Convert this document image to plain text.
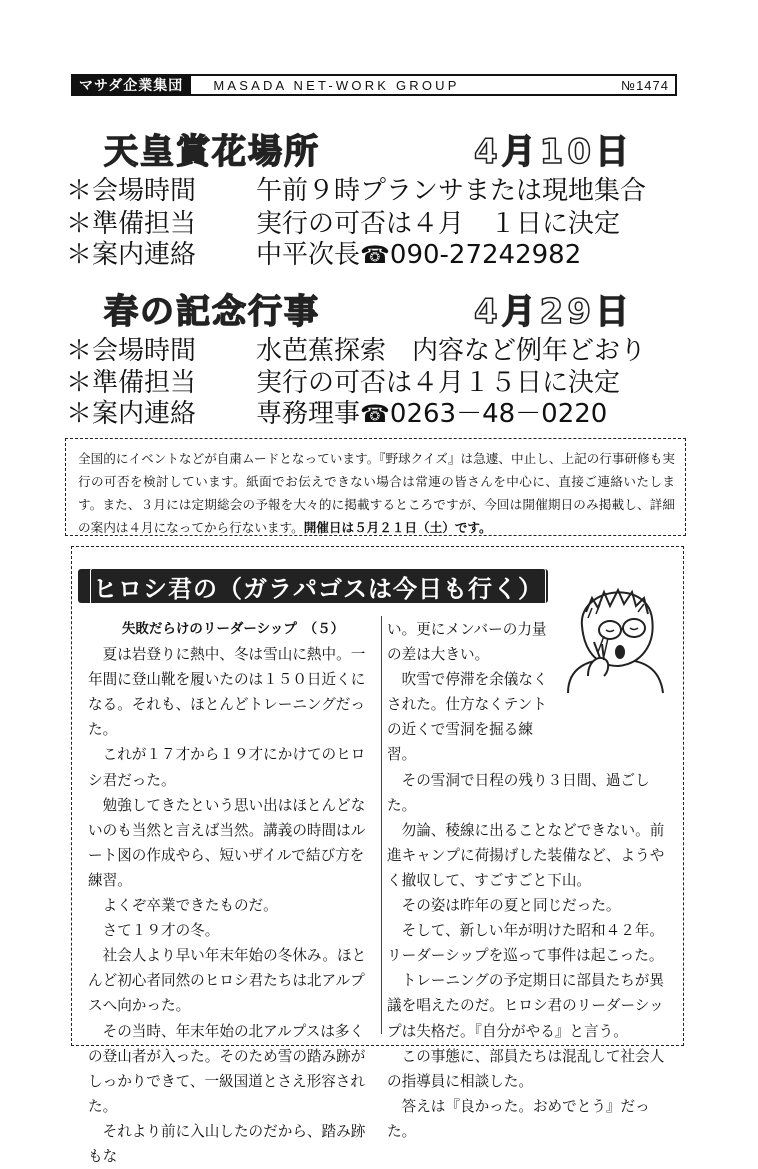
マサダ企業集団	MASADA NET-WORK GROUP	№1474
天皇賞花場所	4月10日
＊会場時間 午前９時プランサまたは現地集合
＊準備担当 実行の可否は４月　１日に決定
＊案内連絡 中平次長☎090-27242982
春の記念行事	4月29日
＊会場時間 水芭蕉探索　内容など例年どおり
＊準備担当 実行の可否は４月１５日に決定
＊案内連絡 専務理事☎0263－48－0220
全国的にイベントなどが自粛ムードとなっています。『野球クイズ』は急遽、中止し、上記の行事研修も実行の可否を検討しています。紙面でお伝えできない場合は常連の皆さんを中心に、直接ご連絡いたします。また、３月には定期総会の予報を大々的に掲載するところですが、今回は開催期日のみ掲載し、詳細の案内は４月になってから行ないます。開催日は５月２１日（土）です。
ヒロシ君の（ガラパゴスは今日も行く）

失敗だらけのリーダーシップ　（５）

夏は岩登りに熱中、冬は雪山に熱中。一年間に登山靴を履いたのは１５０日近くになる。それも、ほとんどトレーニングだった。

これが１７才から１９才にかけてのヒロシ君だった。

勉強してきたという思い出はほとんどないのも当然と言えば当然。講義の時間はルート図の作成やら、短いザイルで結び方を練習。

よくぞ卒業できたものだ。

さて１９才の冬。

社会人より早い年末年始の冬休み。ほとんど初心者同然のヒロシ君たちは北アルプスへ向かった。

その当時、年末年始の北アルプスは多くの登山者が入った。そのため雪の踏み跡がしっかりできて、一級国道とさえ形容された。

それより前に入山したのだから、踏み跡もな

い。更にメンバーの力量の差は大きい。

吹雪で停滞を余儀なくされた。仕方なくテントの近くで雪洞を掘る練習。

その雪洞で日程の残り３日間、過ごした。

勿論、稜線に出ることなどできない。前進キャンプに荷揚げした装備など、ようやく撤収して、すごすごと下山。

その姿は昨年の夏と同じだった。

そして、新しい年が明けた昭和４２年。リーダーシップを巡って事件は起こった。

トレーニングの予定期日に部員たちが異議を唱えたのだ。ヒロシ君のリーダーシップは失格だ。『自分がやる』と言う。

この事態に、部員たちは混乱して社会人の指導員に相談した。

答えは『良かった。おめでとう』だった。
